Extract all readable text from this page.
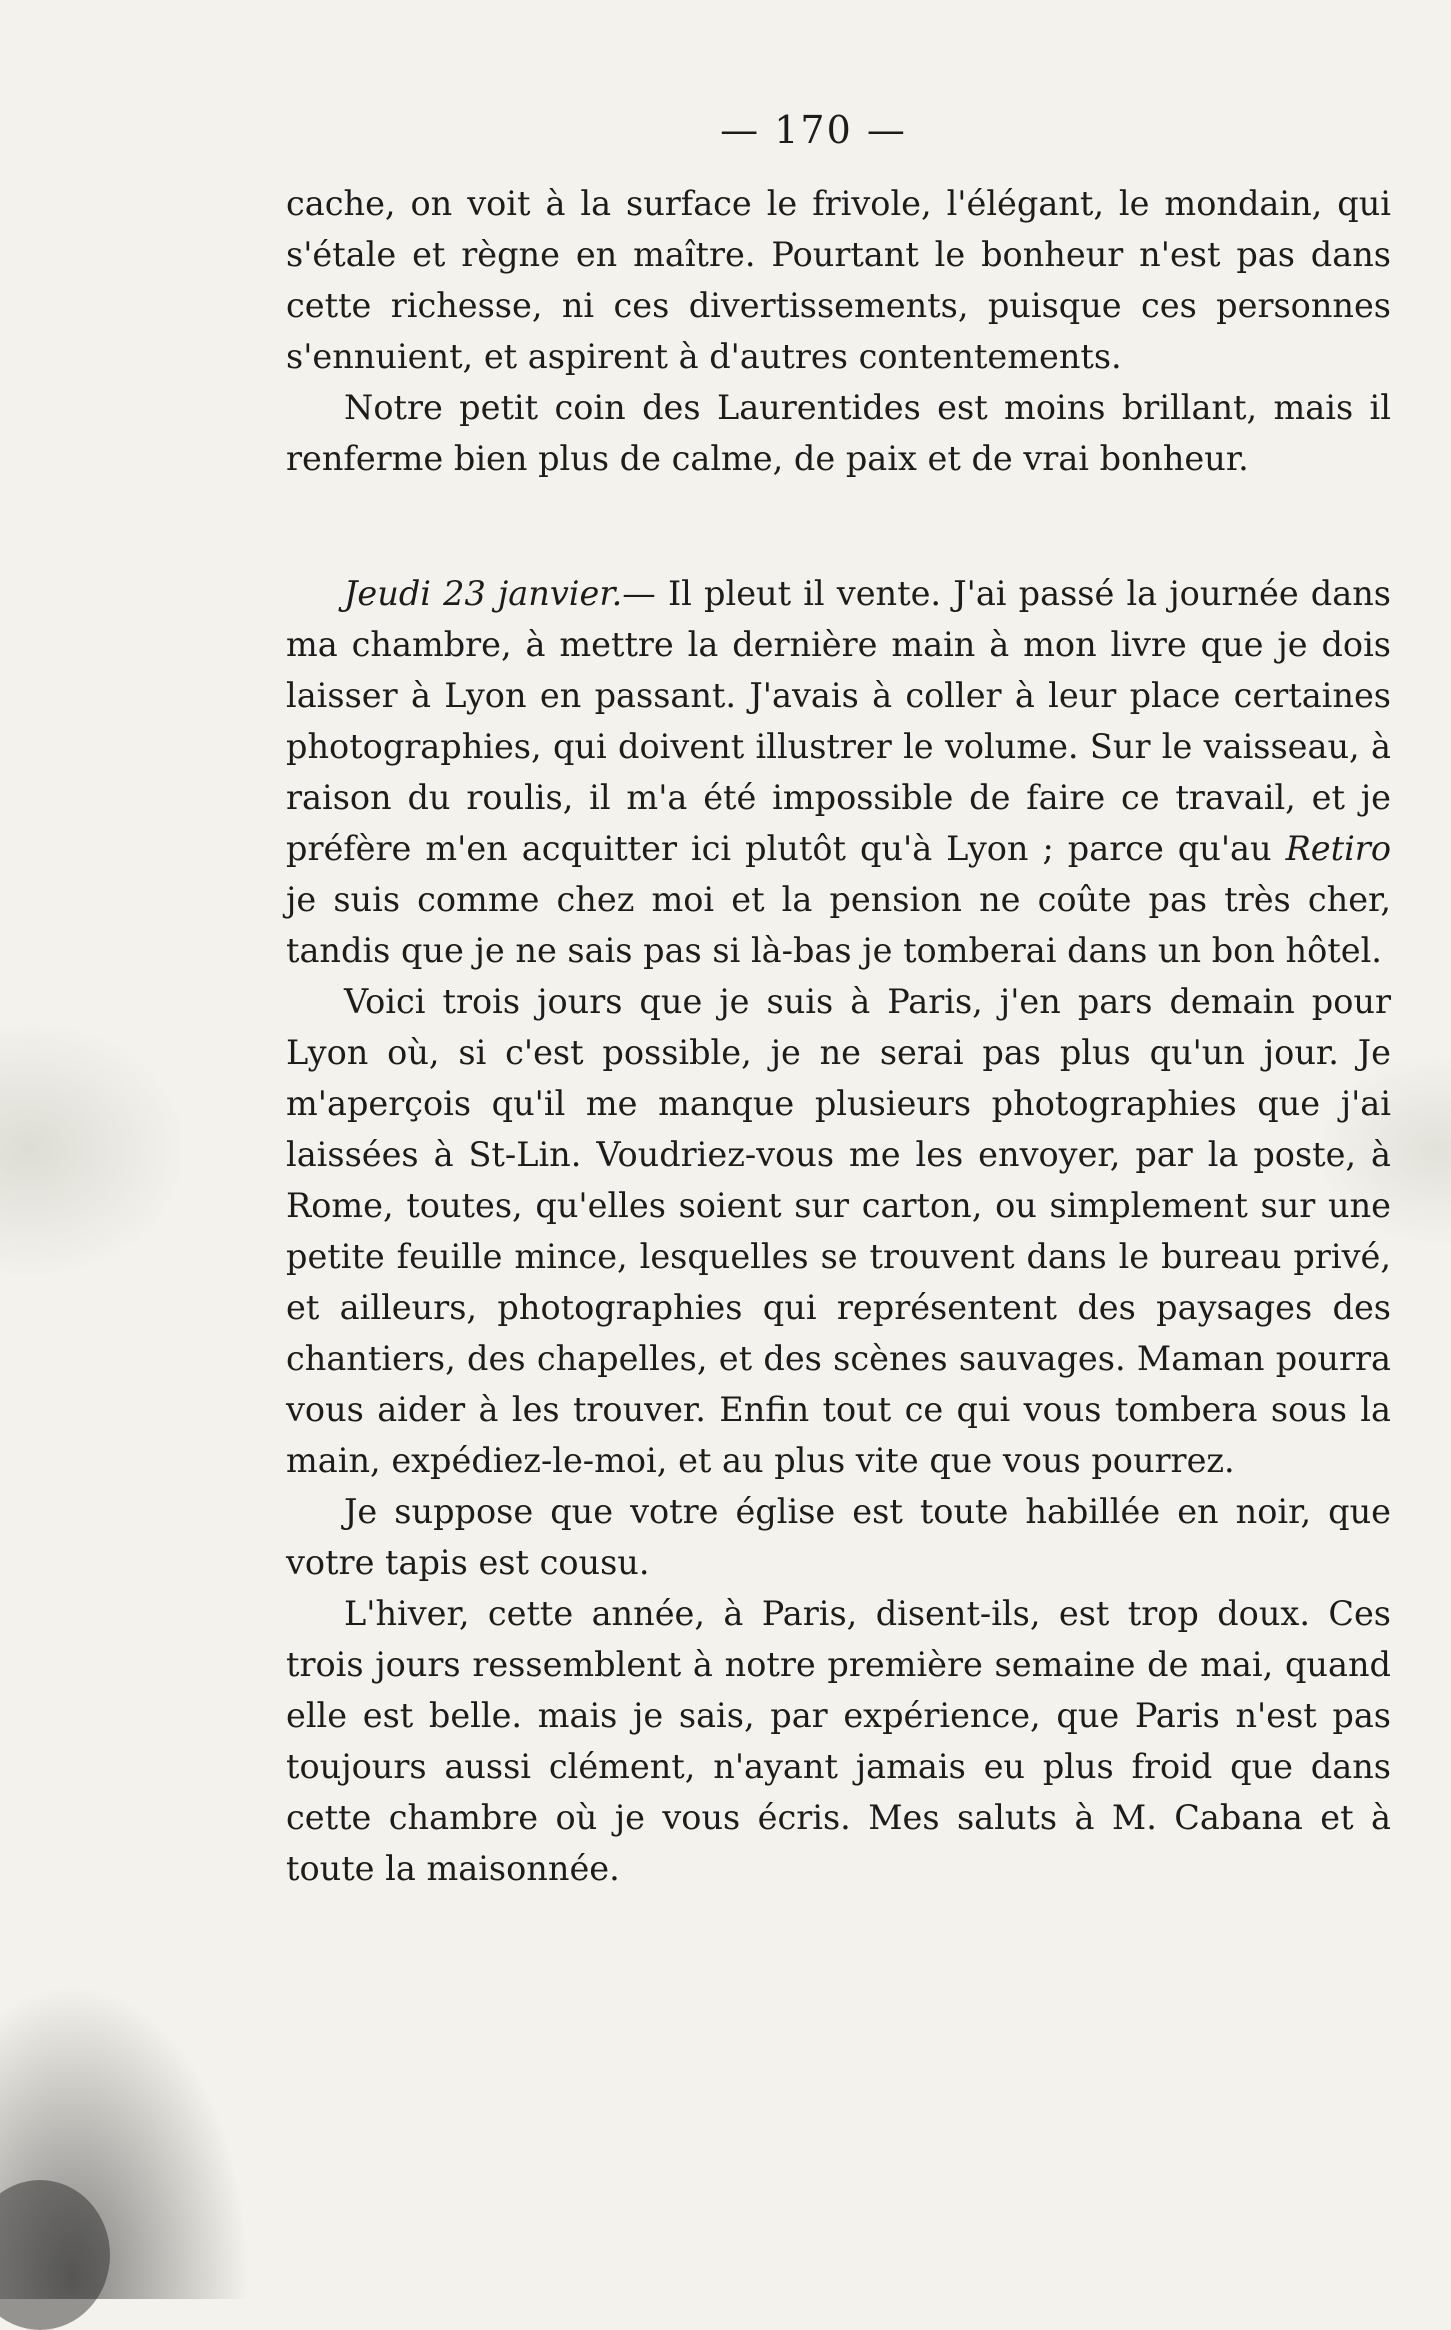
— 170 —

cache, on voit à la surface le frivole, l'élégant, le mondain, qui s'étale et règne en maître. Pourtant le bonheur n'est pas dans cette richesse, ni ces divertissements, puisque ces personnes s'ennuient, et aspirent à d'autres contentements.

Notre petit coin des Laurentides est moins brillant, mais il renferme bien plus de calme, de paix et de vrai bonheur.

Jeudi 23 janvier.— Il pleut il vente. J'ai passé la journée dans ma chambre, à mettre la dernière main à mon livre que je dois laisser à Lyon en passant. J'avais à coller à leur place certaines photographies, qui doivent illustrer le volume. Sur le vaisseau, à raison du roulis, il m'a été impossible de faire ce travail, et je préfère m'en acquitter ici plutôt qu'à Lyon ; parce qu'au Retiro je suis comme chez moi et la pension ne coûte pas très cher, tandis que je ne sais pas si là-bas je tomberai dans un bon hôtel.

Voici trois jours que je suis à Paris, j'en pars demain pour Lyon où, si c'est possible, je ne serai pas plus qu'un jour. Je m'aperçois qu'il me manque plusieurs photographies que j'ai laissées à St-Lin. Voudriez-vous me les envoyer, par la poste, à Rome, toutes, qu'elles soient sur carton, ou simplement sur une petite feuille mince, lesquelles se trouvent dans le bureau privé, et ailleurs, photographies qui représentent des paysages des chantiers, des chapelles, et des scènes sauvages. Maman pourra vous aider à les trouver. Enfin tout ce qui vous tombera sous la main, expédiez-le-moi, et au plus vite que vous pourrez.

Je suppose que votre église est toute habillée en noir, que votre tapis est cousu.

L'hiver, cette année, à Paris, disent-ils, est trop doux. Ces trois jours ressemblent à notre première semaine de mai, quand elle est belle. mais je sais, par expérience, que Paris n'est pas toujours aussi clément, n'ayant jamais eu plus froid que dans cette chambre où je vous écris. Mes saluts à M. Cabana et à toute la maisonnée.
